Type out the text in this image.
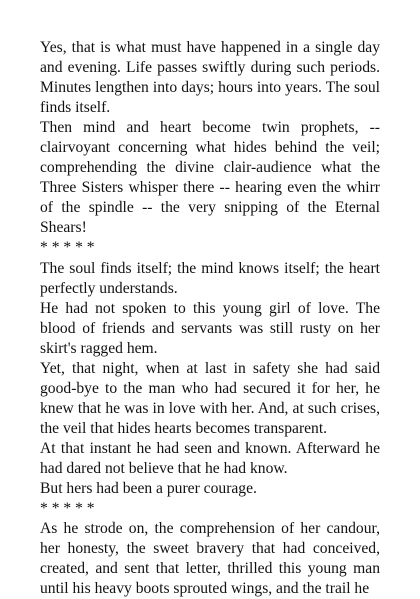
Yes, that is what must have happened in a single day and evening. Life passes swiftly during such periods. Minutes lengthen into days; hours into years. The soul finds itself.

Then mind and heart become twin prophets, -- clairvoyant concerning what hides behind the veil; comprehending the divine clair-audience what the Three Sisters whisper there -- hearing even the whirr of the spindle -- the very snipping of the Eternal Shears!

* * * * *

The soul finds itself; the mind knows itself; the heart perfectly understands.

He had not spoken to this young girl of love. The blood of friends and servants was still rusty on her skirt's ragged hem.

Yet, that night, when at last in safety she had said good-bye to the man who had secured it for her, he knew that he was in love with her. And, at such crises, the veil that hides hearts becomes transparent.

At that instant he had seen and known. Afterward he had dared not believe that he had know.

But hers had been a purer courage.

* * * * *

As he strode on, the comprehension of her candour, her honesty, the sweet bravery that had conceived, created, and sent that letter, thrilled this young man until his heavy boots sprouted wings, and the trail he
